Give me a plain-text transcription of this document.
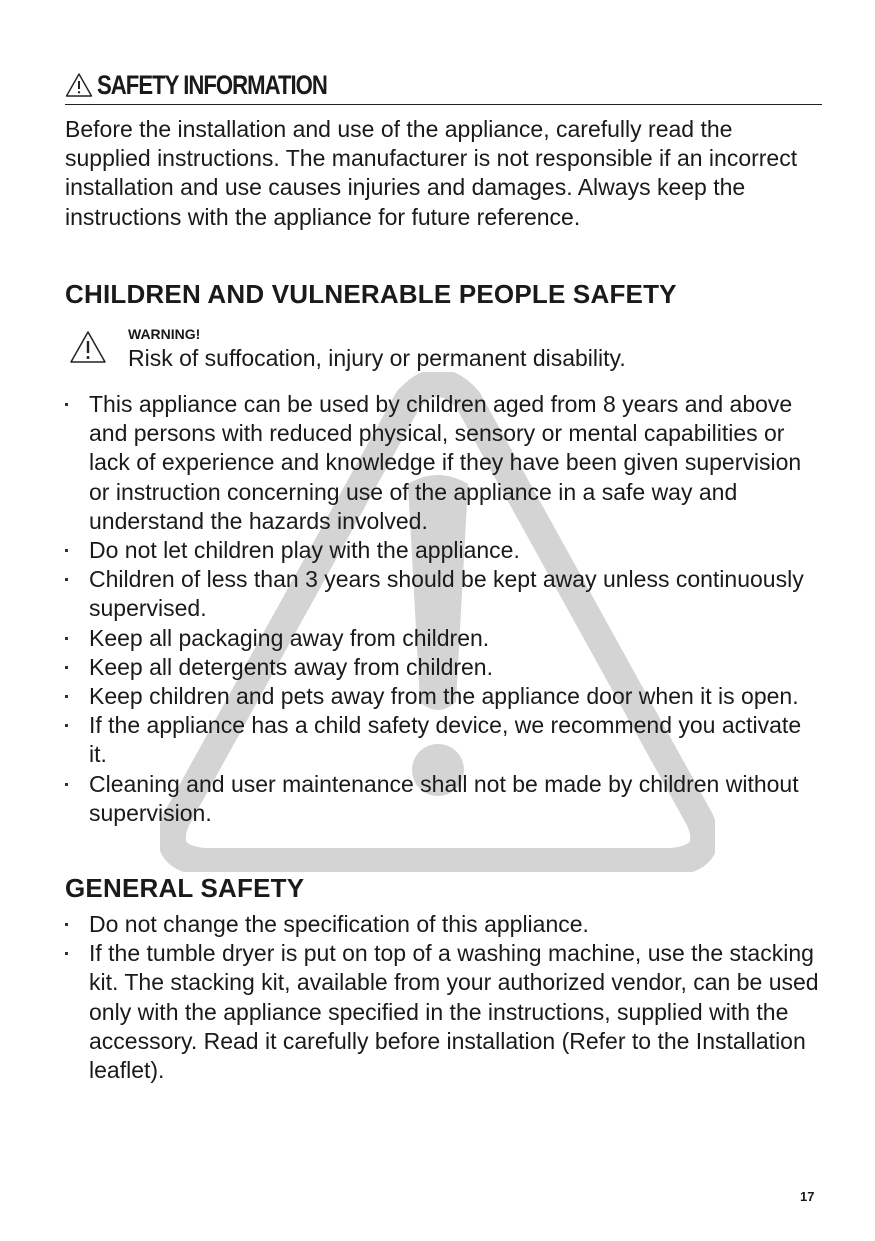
SAFETY INFORMATION

Before the installation and use of the appliance, carefully read the supplied instructions. The manufacturer is not responsible if an incorrect installation and use causes injuries and damages. Always keep the instructions with the appliance for future reference.

CHILDREN AND VULNERABLE PEOPLE SAFETY

WARNING!

Risk of suffocation, injury or permanent disability.

This appliance can be used by children aged from 8 years and above and persons with reduced physical, sensory or mental capabilities or lack of experience and knowledge if they have been given supervision or instruction concerning use of the appliance in a safe way and understand the hazards involved.
Do not let children play with the appliance.
Children of less than 3 years should be kept away unless continuously supervised.
Keep all packaging away from children.
Keep all detergents away from children.
Keep children and pets away from the appliance door when it is open.
If the appliance has a child safety device, we recommend you activate it.
Cleaning and user maintenance shall not be made by children without supervision.
GENERAL SAFETY
Do not change the specification of this appliance.
If the tumble dryer is put on top of a washing machine, use the stacking kit. The stacking kit, available from your authorized vendor, can be used only with the appliance specified in the instructions, supplied with the accessory. Read it carefully before installation (Refer to the Installation leaflet).
17
